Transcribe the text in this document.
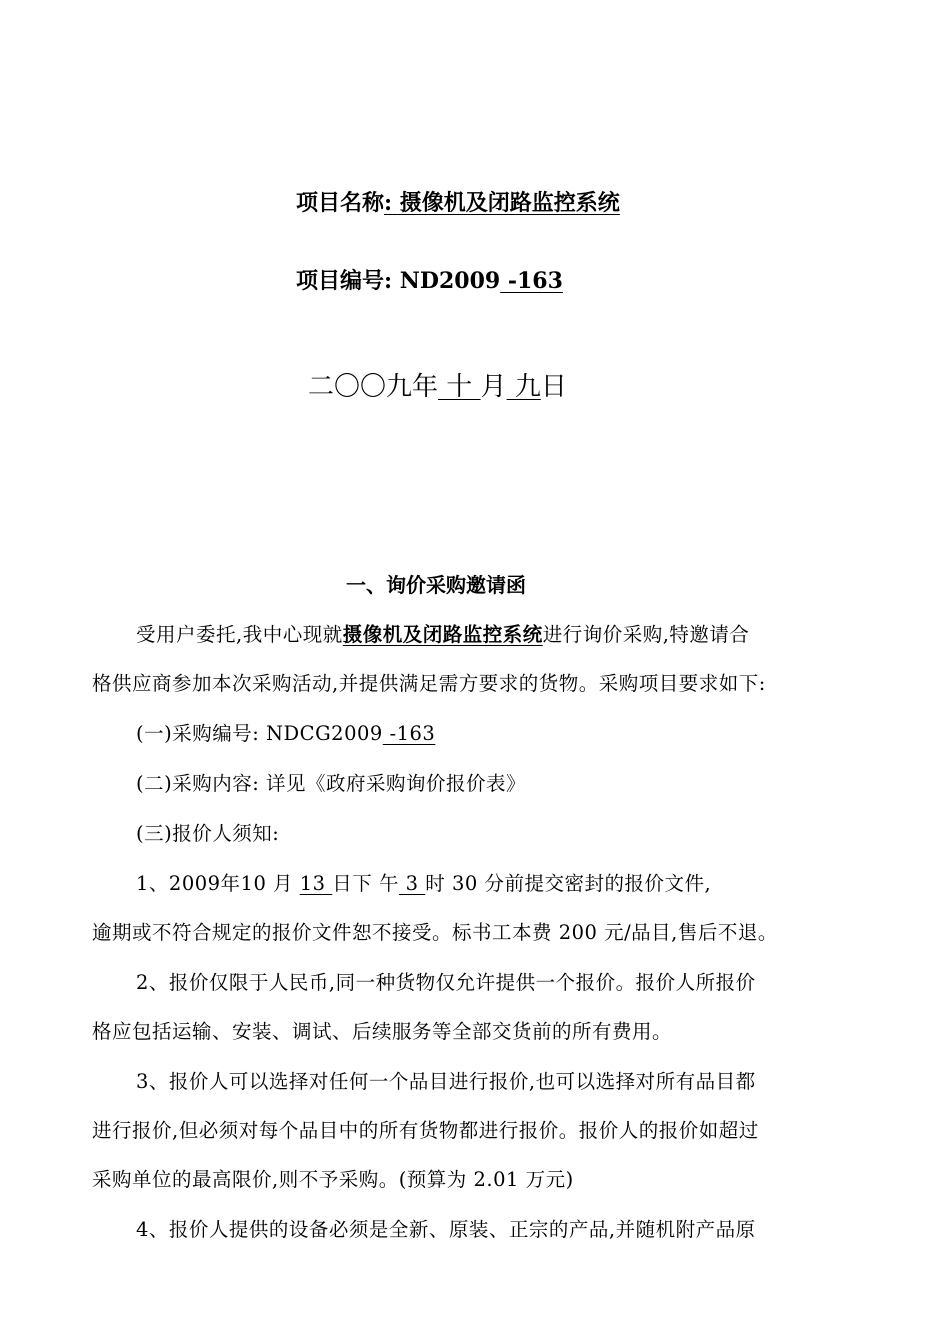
项目名称: 摄像机及闭路监控系统
项目编号: ND2009 -163
二〇〇九年 十 月 九日
一、询价采购邀请函
受用户委托,我中心现就摄像机及闭路监控系统进行询价采购,特邀请合
格供应商参加本次采购活动,并提供满足需方要求的货物。采购项目要求如下:
(一)采购编号: NDCG2009 -163
(二)采购内容: 详见《政府采购询价报价表》
(三)报价人须知:
1、2009年10 月 13 日下 午 3 时 30 分前提交密封的报价文件,
逾期或不符合规定的报价文件恕不接受。标书工本费 200 元/品目,售后不退。
2、报价仅限于人民币,同一种货物仅允许提供一个报价。报价人所报价
格应包括运输、安装、调试、后续服务等全部交货前的所有费用。
3、报价人可以选择对任何一个品目进行报价,也可以选择对所有品目都
进行报价,但必须对每个品目中的所有货物都进行报价。报价人的报价如超过
采购单位的最高限价,则不予采购。(预算为 2.01 万元)
4、报价人提供的设备必须是全新、原装、正宗的产品,并随机附产品原
